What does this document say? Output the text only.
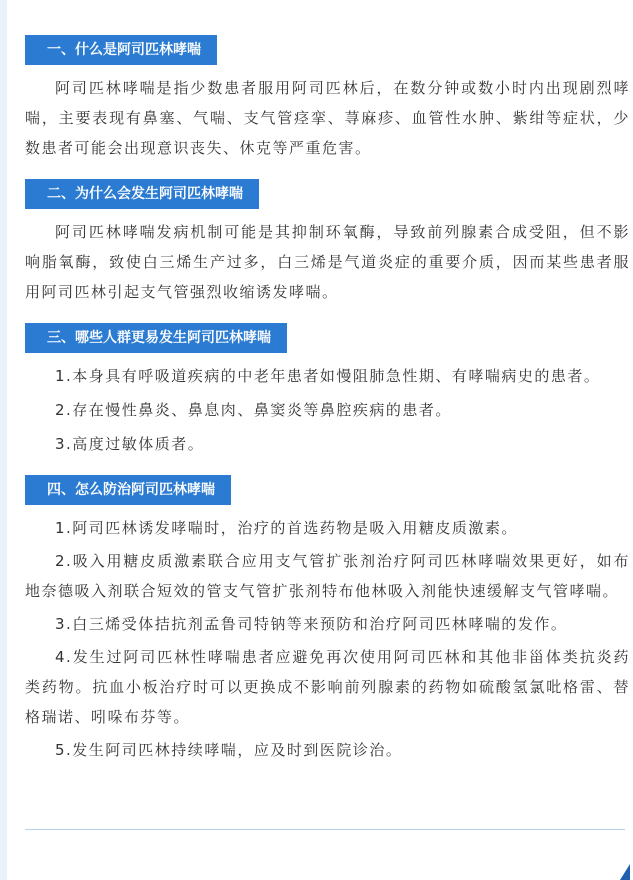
一、什么是阿司匹林哮喘

阿司匹林哮喘是指少数患者服用阿司匹林后，在数分钟或数小时内出现剧烈哮喘，主要表现有鼻塞、气喘、支气管痉挛、荨麻疹、血管性水肿、紫绀等症状，少数患者可能会出现意识丧失、休克等严重危害。

二、为什么会发生阿司匹林哮喘

阿司匹林哮喘发病机制可能是其抑制环氧酶，导致前列腺素合成受阻，但不影响脂氧酶，致使白三烯生产过多，白三烯是气道炎症的重要介质，因而某些患者服用阿司匹林引起支气管强烈收缩诱发哮喘。

三、哪些人群更易发生阿司匹林哮喘

1.本身具有呼吸道疾病的中老年患者如慢阻肺急性期、有哮喘病史的患者。

2.存在慢性鼻炎、鼻息肉、鼻窦炎等鼻腔疾病的患者。

3.高度过敏体质者。

四、怎么防治阿司匹林哮喘

1.阿司匹林诱发哮喘时，治疗的首选药物是吸入用糖皮质激素。

2.吸入用糖皮质激素联合应用支气管扩张剂治疗阿司匹林哮喘效果更好，如布地奈德吸入剂联合短效的管支气管扩张剂特布他林吸入剂能快速缓解支气管哮喘。

3.白三烯受体拮抗剂孟鲁司特钠等来预防和治疗阿司匹林哮喘的发作。

4.发生过阿司匹林性哮喘患者应避免再次使用阿司匹林和其他非甾体类抗炎药类药物。抗血小板治疗时可以更换成不影响前列腺素的药物如硫酸氢氯吡格雷、替格瑞诺、吲哚布芬等。

5.发生阿司匹林持续哮喘，应及时到医院诊治。
